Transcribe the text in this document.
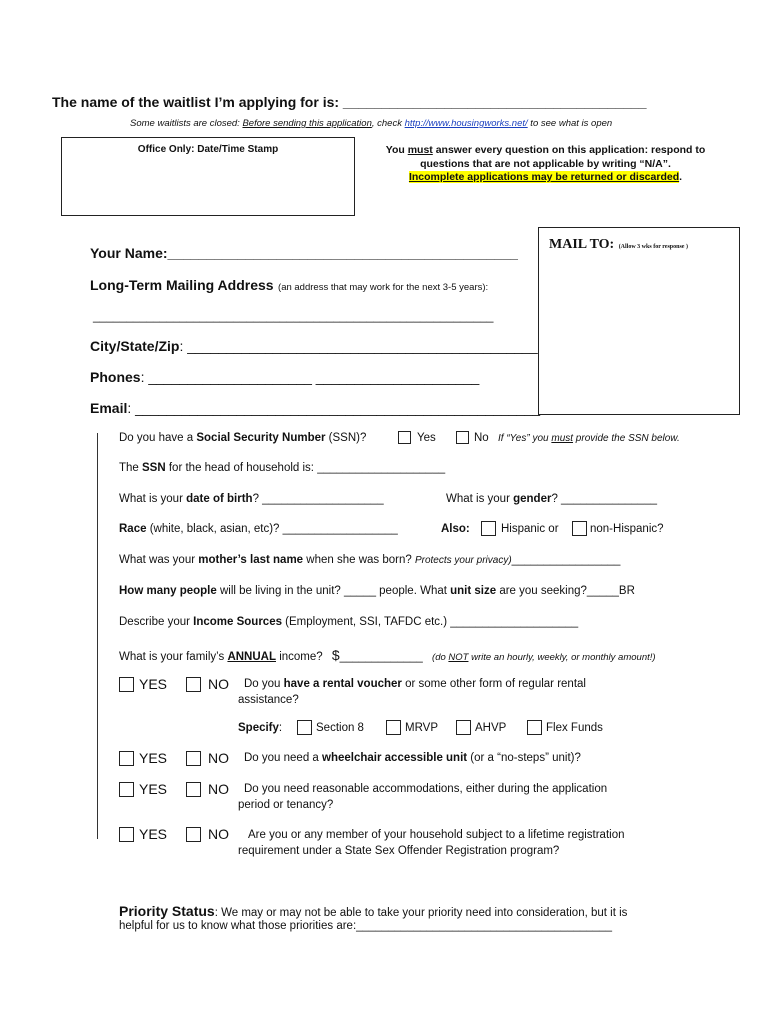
The name of the waitlist I’m applying for is: _______________________________________
Some waitlists are closed: Before sending this application, check http://www.housingworks.net/ to see what is open
Office Only: Date/Time Stamp	You must answer every question on this application: respond to
questions that are not applicable by writing “N/A”.
Incomplete applications may be returned or discarded.
MAIL TO: (Allow 3 wks for response )
Your Name:_____________________________________________
Long-Term Mailing Address (an address that may work for the next 3-5 years):
____________________________________________________________
City/State/Zip: _____________________________________________
Phones: _____________________ _____________________
Email: ____________________________________________________
Do you have a Social Security Number (SSN)?	Yes	No If “Yes” you must provide the SSN below.
The SSN for the head of household is: ____________________
What is your date of birth? ___________________	What is your gender? _______________
Race (white, black, asian, etc)? __________________	Also:	Hispanic or	non-Hispanic?
What was your mother’s last name when she was born? Protects your privacy)_________________
How many people will be living in the unit? _____ people. What unit size are you seeking?_____BR
Describe your Income Sources (Employment, SSI, TAFDC etc.) ____________________
What is your family’s ANNUAL income? $_____________ (do NOT write an hourly, weekly, or monthly amount!)
YES	NO Do you have a rental voucher or some other form of regular rental
assistance?
Specify:	Section 8	MRVP	AHVP	Flex Funds
YES	NO Do you need a wheelchair accessible unit (or a “no-steps” unit)?
YES	NO Do you need reasonable accommodations, either during the application
period or tenancy?
YES	NO Are you or any member of your household subject to a lifetime registration
requirement under a State Sex Offender Registration program?
Priority Status: We may or may not be able to take your priority need into consideration, but it is
helpful for us to know what those priorities are:________________________________________
